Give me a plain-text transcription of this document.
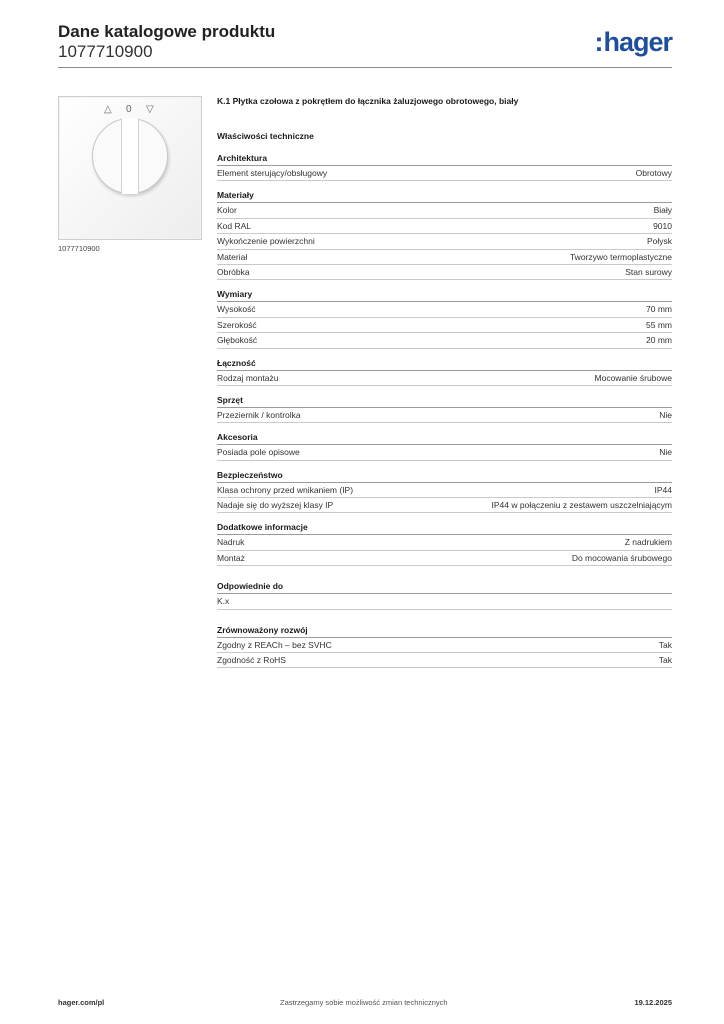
Dane katalogowe produktu
1077710900	:hager
△ 0 ▽
1077710900
K.1 Płytka czołowa z pokrętłem do łącznika żaluzjowego obrotowego, biały
Właściwości techniczne
Architektura
Element sterujący/obsługowy	Obrotowy
Materiały
Kolor	Biały
Kod RAL	9010
Wykończenie powierzchni	Połysk
Materiał	Tworzywo termoplastyczne
Obróbka	Stan surowy
Wymiary
Wysokość	70 mm
Szerokość	55 mm
Głębokość	20 mm
Łączność
Rodzaj montażu	Mocowanie śrubowe
Sprzęt
Przeziernik / kontrolka	Nie
Akcesoria
Posiada pole opisowe	Nie
Bezpieczeństwo
Klasa ochrony przed wnikaniem (IP)	IP44
Nadaje się do wyższej klasy IP	IP44 w połączeniu z zestawem uszczelniającym
Dodatkowe informacje
Nadruk	Z nadrukiem
Montaż	Do mocowania śrubowego
Odpowiednie do
K.x
Zrównoważony rozwój
Zgodny z REACh – bez SVHC	Tak
Zgodność z RoHS	Tak
hager.com/pl	Zastrzegamy sobie możliwość zmian technicznych	19.12.2025
